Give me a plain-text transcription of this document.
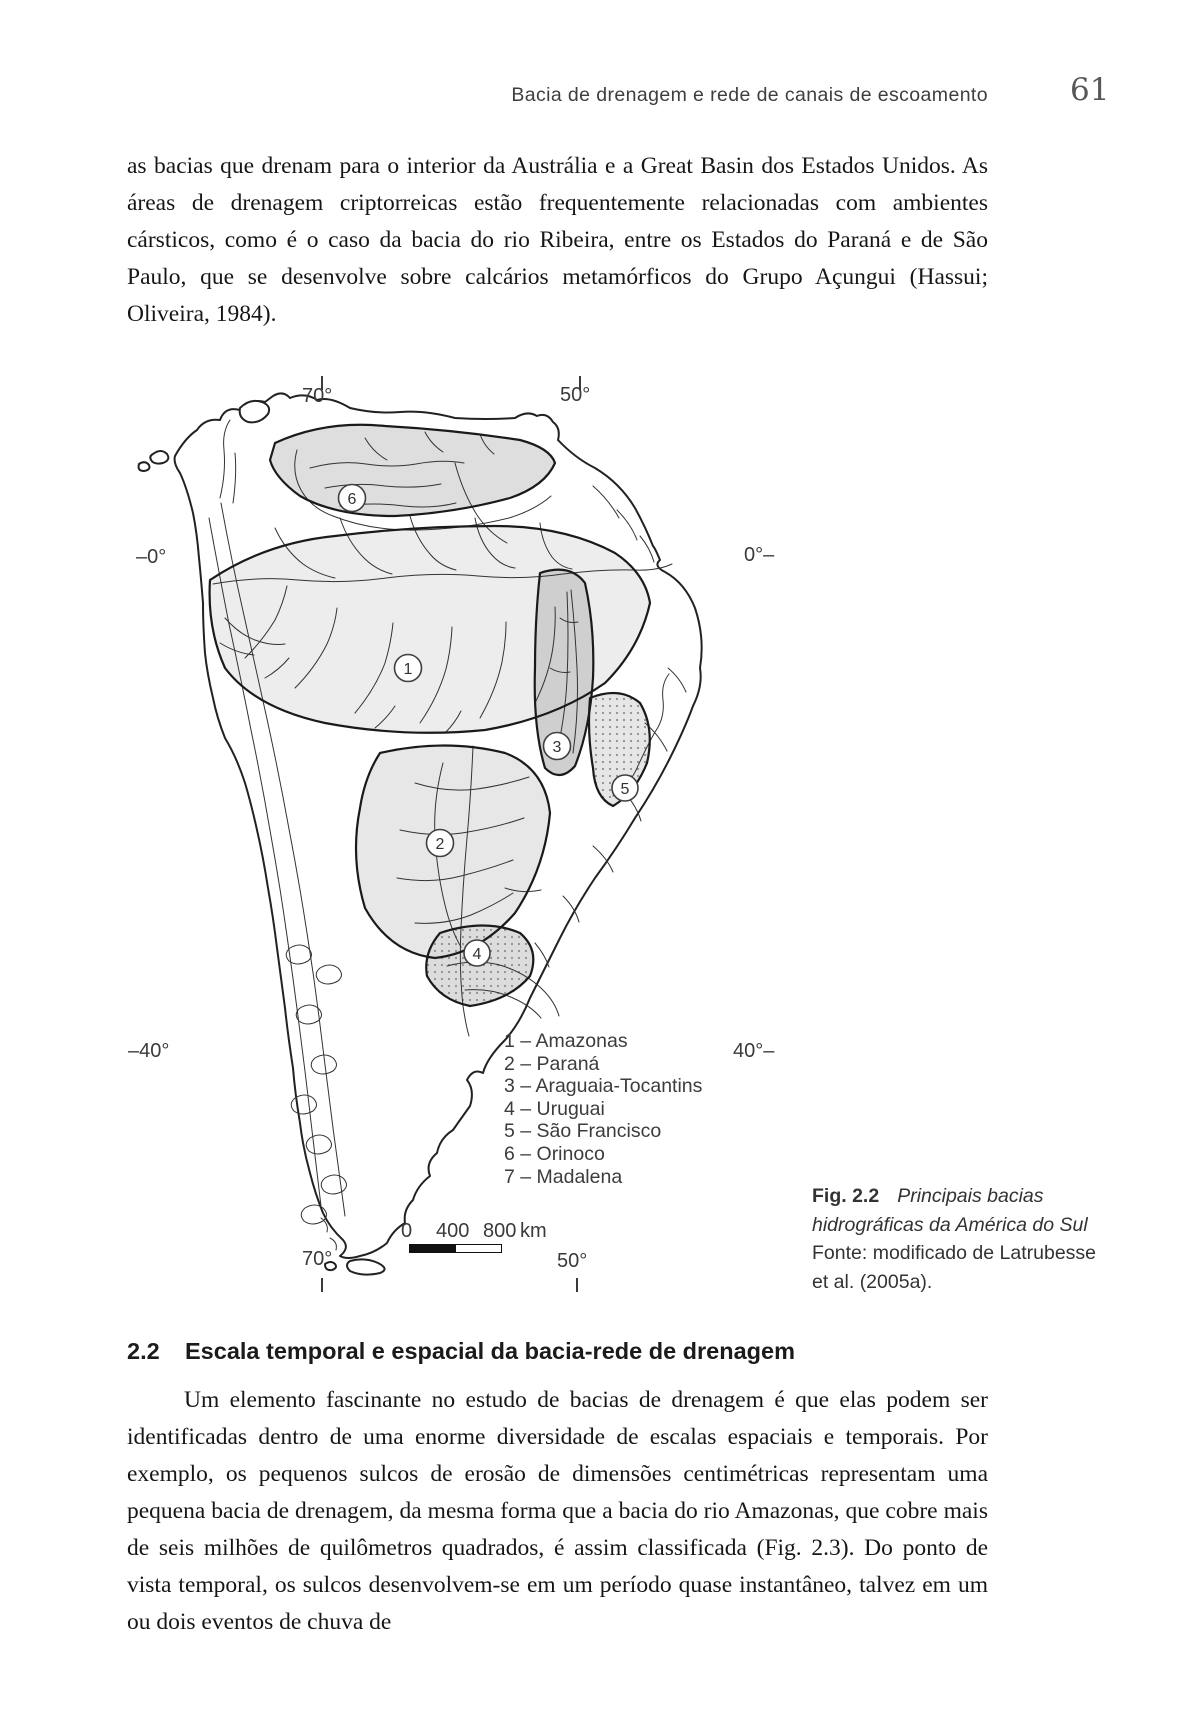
Bacia de drenagem e rede de canais de escoamento	61
as bacias que drenam para o interior da Austrália e a Great Basin dos Estados Unidos. As áreas de drenagem criptorreicas estão frequentemente relacionadas com ambientes cársticos, como é o caso da bacia do rio Ribeira, entre os Estados do Paraná e de São Paulo, que se desenvolve sobre calcários metamórficos do Grupo Açungui (Hassui; Oliveira, 1984).
6
1
3
5
2
4
70°	50°
–0°	0°–
–40°	40°–
70°	50°
1 – Amazonas
2 – Paraná
3 – Araguaia-Tocantins
4 – Uruguai
5 – São Francisco
6 – Orinoco
7 – Madalena
0 400 800 km
Fig. 2.2 Principais bacias hidrográficas da América do Sul
Fonte: modificado de Latrubesse et al. (2005a).
2.2	Escala temporal e espacial da bacia-rede de drenagem
Um elemento fascinante no estudo de bacias de drenagem é que elas podem ser identificadas dentro de uma enorme diversidade de escalas espaciais e temporais. Por exemplo, os pequenos sulcos de erosão de dimensões centimétricas representam uma pequena bacia de drenagem, da mesma forma que a bacia do rio Amazonas, que cobre mais de seis milhões de quilômetros quadrados, é assim classificada (Fig. 2.3). Do ponto de vista temporal, os sulcos desenvolvem-se em um período quase instantâneo, talvez em um ou dois eventos de chuva de
